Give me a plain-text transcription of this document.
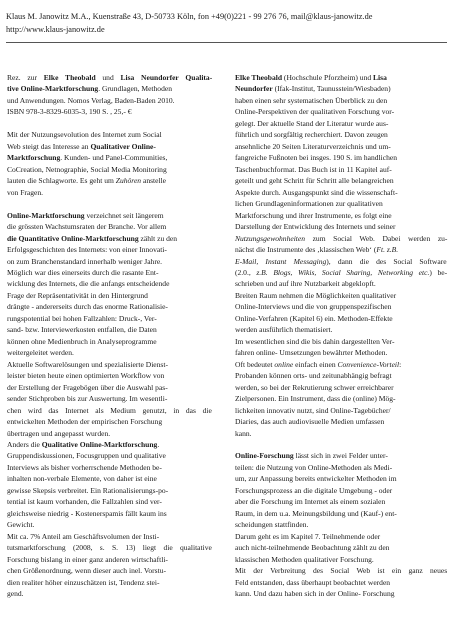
Klaus M. Janowitz M.A., Kuenstraße 43, D-50733 Köln, fon +49(0)221 - 99 276 76, mail@klaus-janowitz.de
http://www.klaus-janowitz.de
Rez. zur Elke Theobald und Lisa Neundorfer Qualita-
tive Online-Marktforschung. Grundlagen, Methoden
und Anwendungen. Nomos Verlag, Baden-Baden 2010.
ISBN 978-3-8329-6035-3, 190 S. , 25,- €
Mit der Nutzungsevolution des Internet zum Social
Web steigt das Interesse an Qualitativer Online-
Marktforschung. Kunden- und Panel-Communities,
CoCreation, Netnographie, Social Media Monitoring
lauten die Schlagworte. Es geht um Zuhören anstelle
von Fragen.
Online-Marktforschung verzeichnet seit längerem
die grössten Wachstumsraten der Branche. Vor allem
die Quantitative Online-Marktforschung zählt zu den
Erfolgsgeschichten des Internets: von einer Innovati-
on zum Branchenstandard innerhalb weniger Jahre.
Möglich war dies einerseits durch die rasante Ent-
wicklung des Internets, die die anfangs entscheidende
Frage der Repräsentativität in den Hintergrund
drängte - andererseits durch das enorme Rationalisie-
rungspotential bei hohen Fallzahlen: Druck-, Ver-
sand- bzw. Interviewerkosten entfallen, die Daten
können ohne Medienbruch in Analyseprogramme
weitergeleitet werden.
Aktuelle Softwarelösungen und spezialisierte Dienst-
leister bieten heute einen optimierten Workflow von
der Erstellung der Fragebögen über die Auswahl pas-
sender Stichproben bis zur Auswertung. Im wesentli-
chen wird das Internet als Medium genutzt, in das die
entwickelten Methoden der empirischen Forschung
übertragen und angepasst wurden.
Anders die Qualitative Online-Marktforschung.
Gruppendiskussionen, Focusgruppen und qualitative
Interviews als bisher vorherrschende Methoden be-
inhalten non-verbale Elemente, von daher ist eine
gewisse Skepsis verbreitet. Ein Rationalisierungs-po-
tential ist kaum vorhanden, die Fallzahlen sind ver-
gleichsweise niedrig - Kostenerspamis fällt kaum ins
Gewicht.
Mit ca. 7% Anteil am Geschäftsvolumen der Insti-
tutsmarktforschung (2008, s. S. 13) liegt die qualitative
Forschung bislang in einer ganz anderen wirtschaftli-
chen Größenordnung, wenn dieser auch inel. Vorstu-
dien realiter höher einzuschätzen ist, Tendenz stei-
gend.
Elke Theobald (Hochschule Pforzheim) und Lisa
Neundorfer (Ifak-Institut, Taunusstein/Wiesbaden)
haben einen sehr systematischen Überblick zu den
Online-Perspektiven der qualitativen Forschung vor-
gelegt. Der aktuelle Stand der Literatur wurde aus-
führlich und sorgfältig recherchiert. Davon zeugen
ansehnliche 20 Seiten Literaturverzeichnis und um-
fangreiche Fußnoten bei insges. 190 S. im handlichen
Taschenbuchformat. Das Buch ist in 11 Kapitel auf-
geteilt und geht Schritt für Schritt alle belangreichen
Aspekte durch. Ausgangspunkt sind die wissenschaft-
lichen Grundlageninformationen zur qualitativen
Marktforschung und ihrer Instrumente, es folgt eine
Darstellung der Entwicklung des Internets und seiner
Nutzungsgewohnheiten zum Social Web. Dabei werden zu-
nächst die Instrumente des ‚klassischen Web‘ (Ft. z.B.
E-Mail, Instant Messaging), dann die des Social Software
(2.0., z.B. Blogs, Wikis, Social Sharing, Networking etc.) be-
schrieben und auf ihre Nutzbarkeit abgeklopft.
Breiten Raum nehmen die Möglichkeiten qualitativer
Online-Interviews und die von gruppenspezifischen
Online-Verfahren (Kapitel 6) ein. Methoden-Effekte
werden ausführlich thematisiert.
Im wesentlichen sind die bis dahin dargestellten Ver-
fahren online- Umsetzungen bewährter Methoden.
Oft bedeutet online einfach einen Convenience-Vorteil:
Probanden können orts- und zeitunabhängig befragt
werden, so bei der Rekrutierung schwer erreichbarer
Zielpersonen. Ein Instrument, dass die (online) Mög-
lichkeiten innovativ nutzt, sind Online-Tagebücher/
Diaries, das auch audiovisuelle Medien umfassen
kann.
Online-Forschung lässt sich in zwei Felder unter-
teilen: die Nutzung von Online-Methoden als Medi-
um, zur Anpassung bereits entwickelter Methoden im
Forschungsprozess an die digitale Umgebung - oder
aber die Forschung im Internet als einem sozialen
Raum, in dem u.a. Meinungsbildung und (Kauf-) ent-
scheidungen stattfinden.
Darum geht es im Kapitel 7. Teilnehmende oder
auch nicht-teilnehmende Beobachtung zählt zu den
klassischen Methoden qualitativer Forschung.
Mit der Verbreitung des Social Web ist ein ganz neues
Feld entstanden, dass überhaupt beobachtet werden
kann. Und dazu haben sich in der Online- Forschung
